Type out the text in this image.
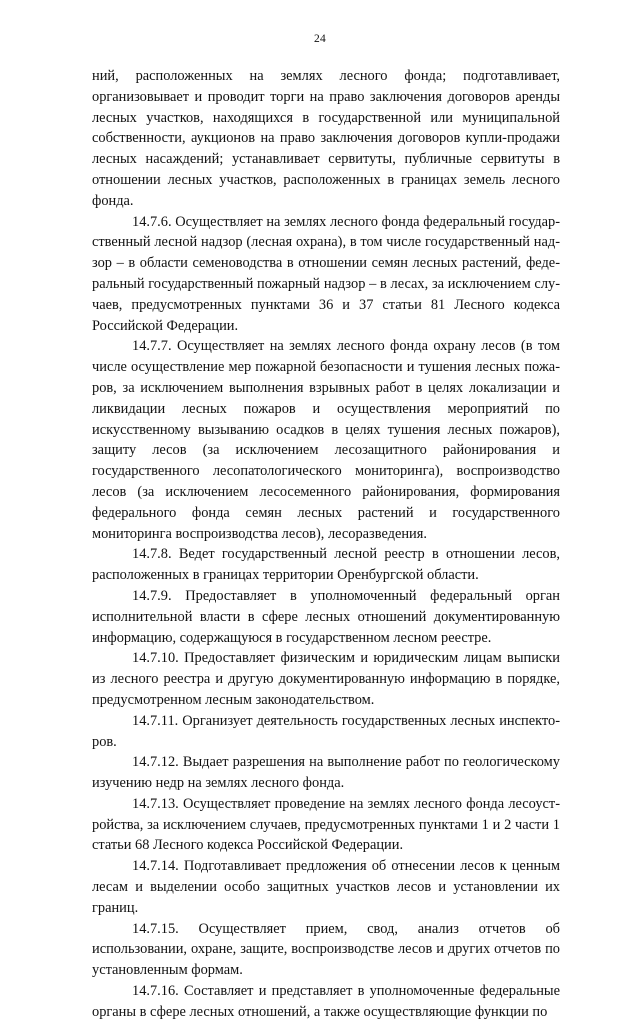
24

ний, расположенных на землях лесного фонда; подготавливает, организовывает и проводит торги на право заключения договоров аренды лесных участков, находящихся в государственной или муниципальной собственности, аукционов на право заключения договоров купли-продажи лесных насаждений; устанавливает сервитуты, публичные сервитуты в отношении лесных участков, расположенных в границах земель лесного фонда.

14.7.6. Осуществляет на землях лесного фонда федеральный государственный лесной надзор (лесная охрана), в том числе государственный надзор – в области семеноводства в отношении семян лесных растений, федеральный государственный пожарный надзор – в лесах, за исключением случаев, предусмотренных пунктами 36 и 37 статьи 81 Лесного кодекса Российской Федерации.

14.7.7. Осуществляет на землях лесного фонда охрану лесов (в том числе осуществление мер пожарной безопасности и тушения лесных пожаров, за исключением выполнения взрывных работ в целях локализации и ликвидации лесных пожаров и осуществления мероприятий по искусственному вызыванию осадков в целях тушения лесных пожаров), защиту лесов (за исключением лесозащитного районирования и государственного лесопатологического мониторинга), воспроизводство лесов (за исключением лесосеменного районирования, формирования федерального фонда семян лесных растений и государственного мониторинга воспроизводства лесов), лесоразведения.

14.7.8. Ведет государственный лесной реестр в отношении лесов, расположенных в границах территории Оренбургской области.

14.7.9. Предоставляет в уполномоченный федеральный орган исполнительной власти в сфере лесных отношений документированную информацию, содержащуюся в государственном лесном реестре.

14.7.10. Предоставляет физическим и юридическим лицам выписки из лесного реестра и другую документированную информацию в порядке, предусмотренном лесным законодательством.

14.7.11. Организует деятельность государственных лесных инспекторов.

14.7.12. Выдает разрешения на выполнение работ по геологическому изучению недр на землях лесного фонда.

14.7.13. Осуществляет проведение на землях лесного фонда лесоустройства, за исключением случаев, предусмотренных пунктами 1 и 2 части 1 статьи 68 Лесного кодекса Российской Федерации.

14.7.14. Подготавливает предложения об отнесении лесов к ценным лесам и выделении особо защитных участков лесов и установлении их границ.

14.7.15. Осуществляет прием, свод, анализ отчетов об использовании, охране, защите, воспроизводстве лесов и других отчетов по установленным формам.

14.7.16. Составляет и представляет в уполномоченные федеральные органы в сфере лесных отношений, а также осуществляющие функции по
